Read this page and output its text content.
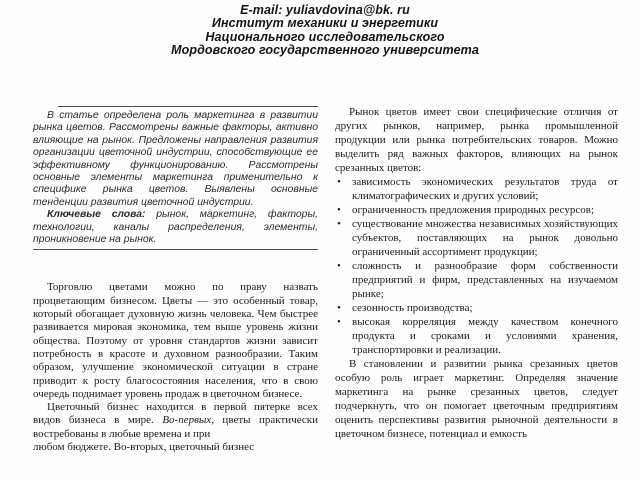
E-mail: yuliavdovina@bk. ru
Институт механики и энергетики
Национального исследовательского
Мордовского государственного университета

В статье определена роль маркетинга в развитии рынка цветов. Рассмотрены важные факторы, активно влияющие на рынок. Предложены направления развития организации цветочной индустрии, способствующие ее эффективному функционированию. Рассмотрены основные элементы маркетинга применительно к специфике рынка цветов. Выявлены основные тенденции развития цветочной индустрии.

Ключевые слова: рынок, маркетинг, факторы, технологии, каналы распределения, элементы, проникновение на рынок.

Торговлю цветами можно по праву назвать процветающим бизнесом. Цветы — это особенный товар, который обогащает духовную жизнь человека. Чем быстрее развивается мировая экономика, тем выше уровень жизни общества. Поэтому от уровня стандартов жизни зависит потребность в красоте и духовном разнообразии. Таким образом, улучшение экономической ситуации в стране приводит к росту благосостояния населения, что в свою очередь поднимает уровень продаж в цветочном бизнесе.

Цветочный бизнес находится в первой пятерке всех видов бизнеса в мире. Во-первых, цветы практически востребованы в любые времена и при

любом бюджете. Во-вторых, цветочный бизнес

Рынок цветов имеет свои специфические отличия от других рынков, например, рынка промышленной продукции или рынка потребительских товаров. Можно выделить ряд важных факторов, влияющих на рынок срезанных цветов:

• зависимость экономических результатов труда от климатографических и других условий;
• ограниченность предложения природных ресурсов;
• существование множества независимых хозяйствующих субъектов, поставляющих на рынок довольно ограниченный ассортимент продукции;
• сложность и разнообразие форм собственности предприятий и фирм, представленных на изучаемом рынке;
• сезонность производства;
• высокая корреляция между качеством конечного продукта и сроками и условиями хранения, транспортировки и реализации.

В становлении и развитии рынка срезанных цветов особую роль играет маркетинг. Определяя значение маркетинга на рынке срезанных цветов, следует подчеркнуть, что он помогает цветочным предприятиям оценить перспективы развития рыночной деятельности в цветочном бизнесе, потенциал и емкость
